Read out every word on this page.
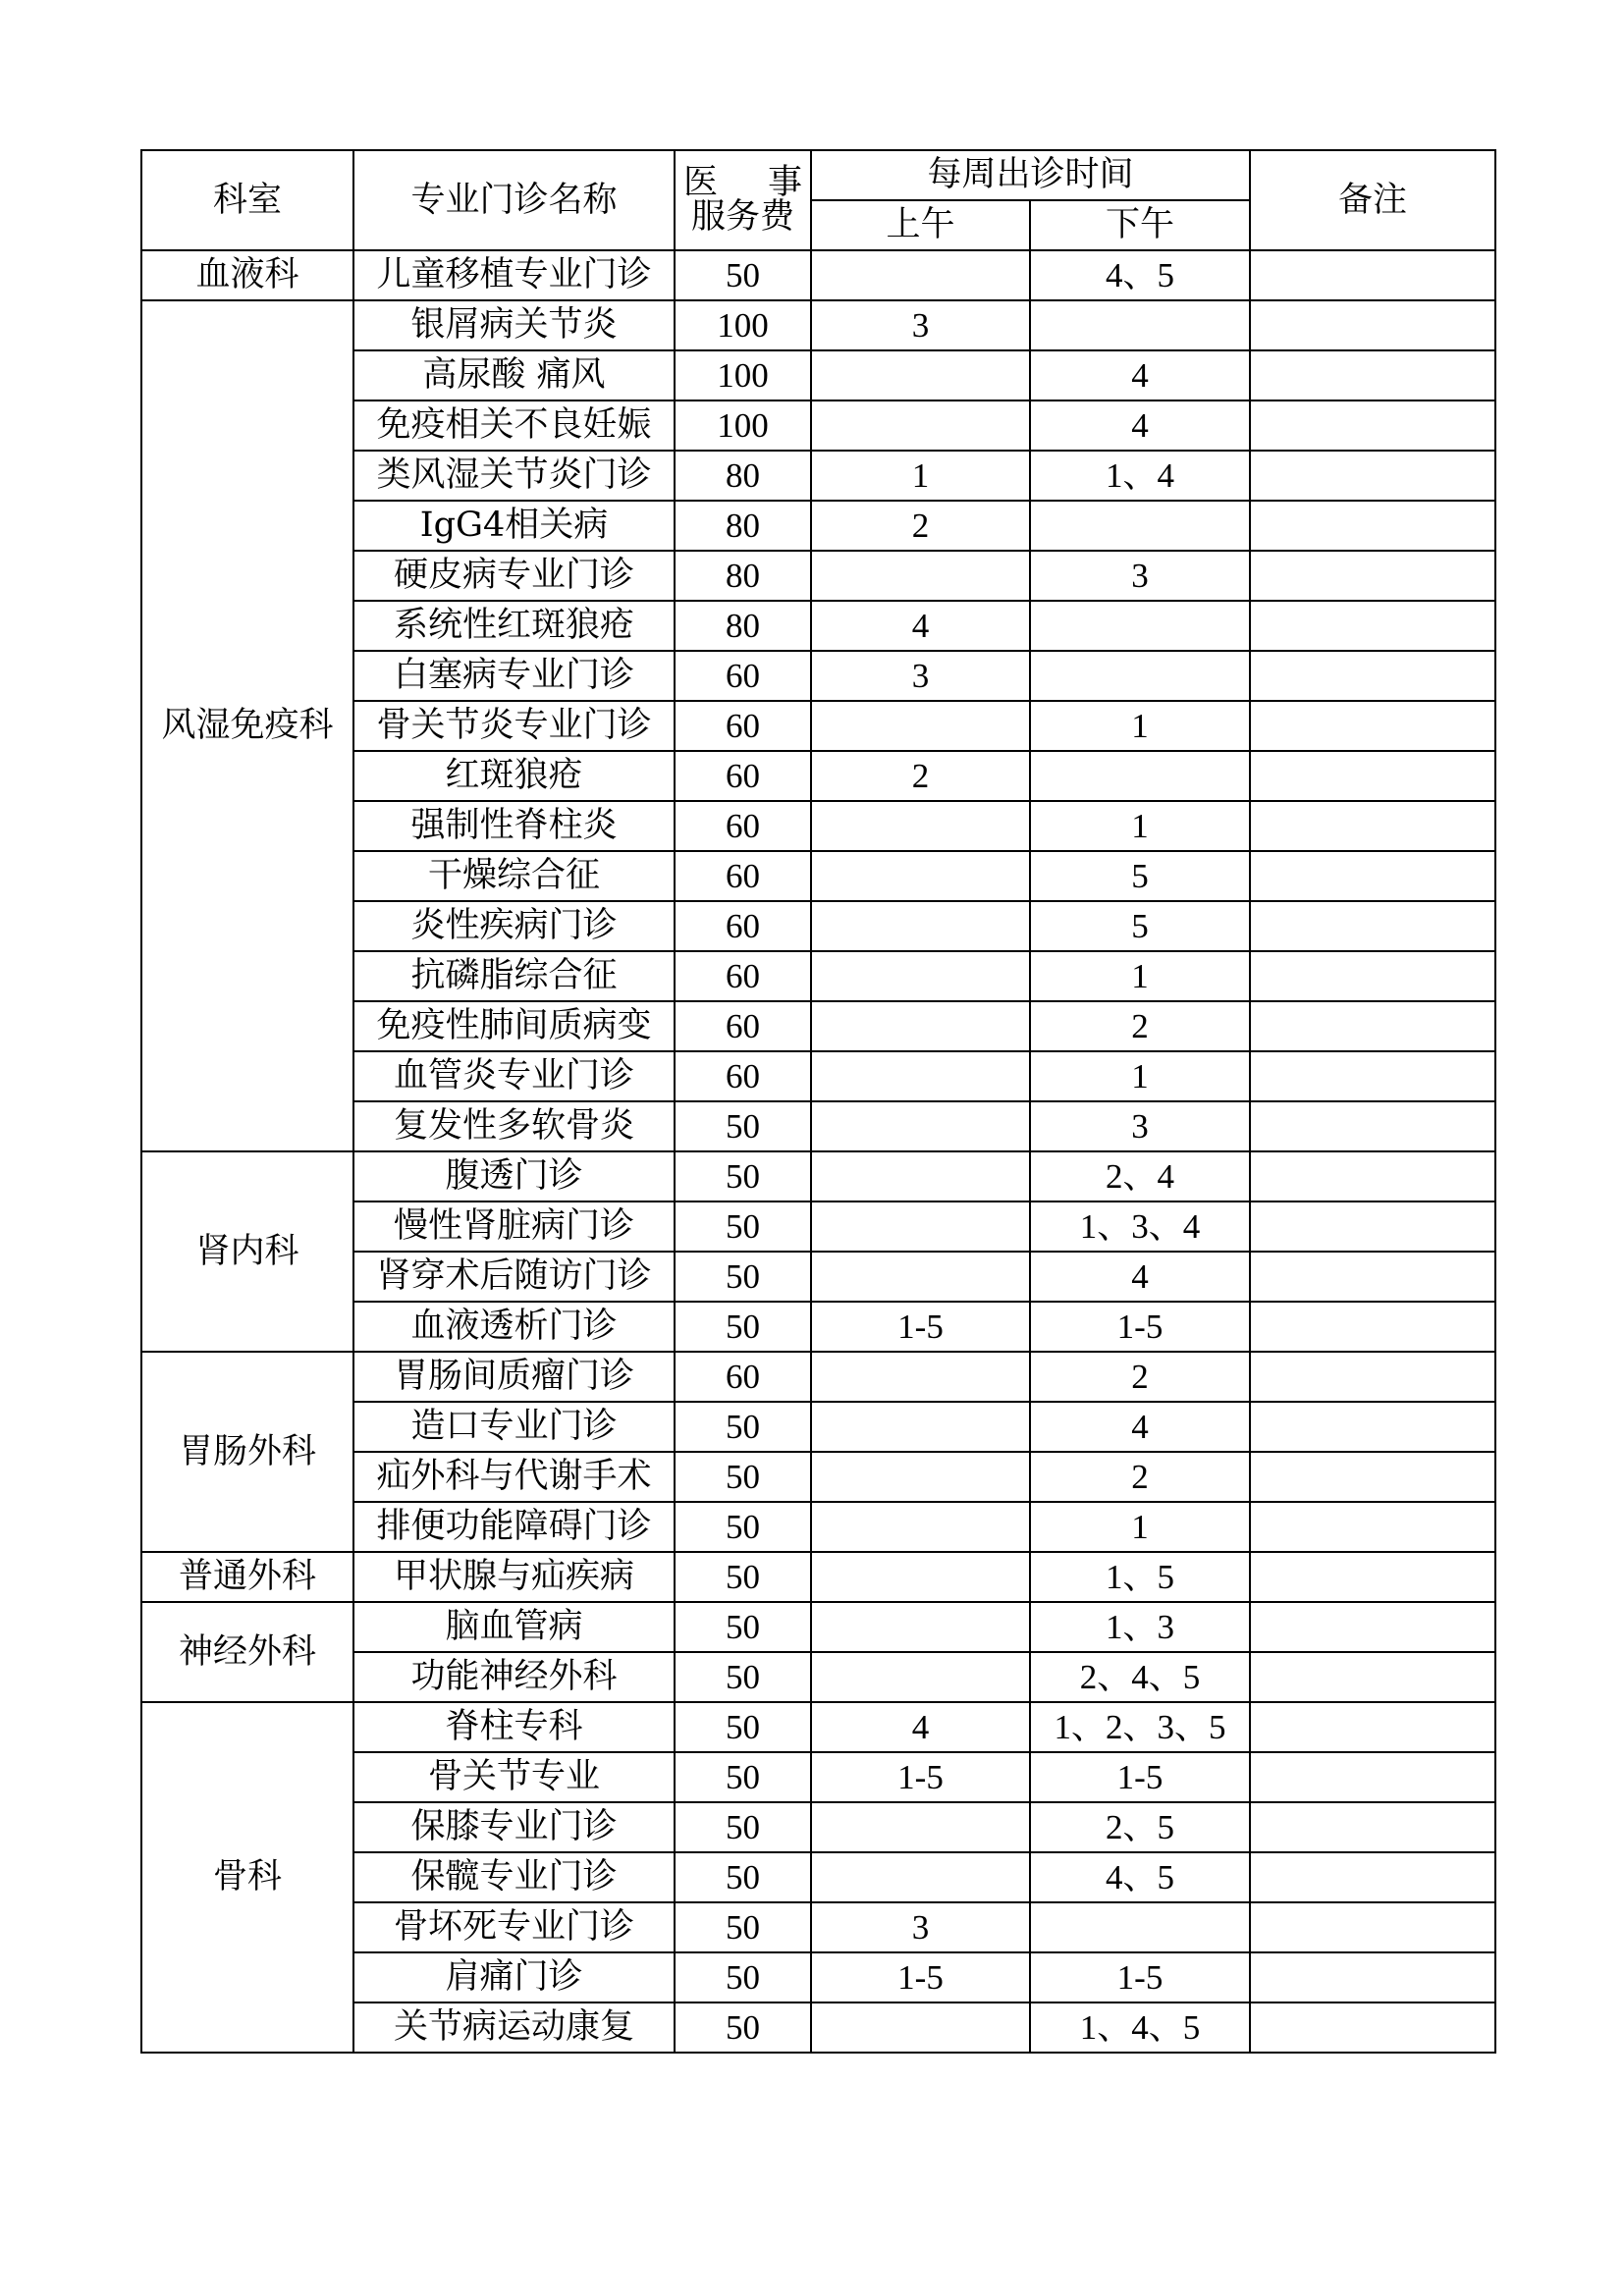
科室	专业门诊名称	医 事
服务费	每周出诊时间		备注
			上午	下午	
血液科	儿童移植专业门诊	50		4、5	
风湿免疫科	银屑病关节炎	100	3		
	高尿酸 痛风	100		4	
	免疫相关不良妊娠	100		4	
	类风湿关节炎门诊	80	1	1、4	
	IgG4相关病	80	2		
	硬皮病专业门诊	80		3	
	系统性红斑狼疮	80	4		
	白塞病专业门诊	60	3		
	骨关节炎专业门诊	60		1	
	红斑狼疮	60	2		
	强制性脊柱炎	60		1	
	干燥综合征	60		5	
	炎性疾病门诊	60		5	
	抗磷脂综合征	60		1	
	免疫性肺间质病变	60		2	
	血管炎专业门诊	60		1	
	复发性多软骨炎	50		3	
肾内科	腹透门诊	50		2、4	
	慢性肾脏病门诊	50		1、3、4	
	肾穿术后随访门诊	50		4	
	血液透析门诊	50	1-5	1-5	
胃肠外科	胃肠间质瘤门诊	60		2	
	造口专业门诊	50		4	
	疝外科与代谢手术	50		2	
	排便功能障碍门诊	50		1	
普通外科	甲状腺与疝疾病	50		1、5	
神经外科	脑血管病	50		1、3	
	功能神经外科	50		2、4、5	
骨科	脊柱专科	50	4	1、2、3、5	
	骨关节专业	50	1-5	1-5	
	保膝专业门诊	50		2、5	
	保髋专业门诊	50		4、5	
	骨坏死专业门诊	50	3		
	肩痛门诊	50	1-5	1-5	
	关节病运动康复	50		1、4、5	
